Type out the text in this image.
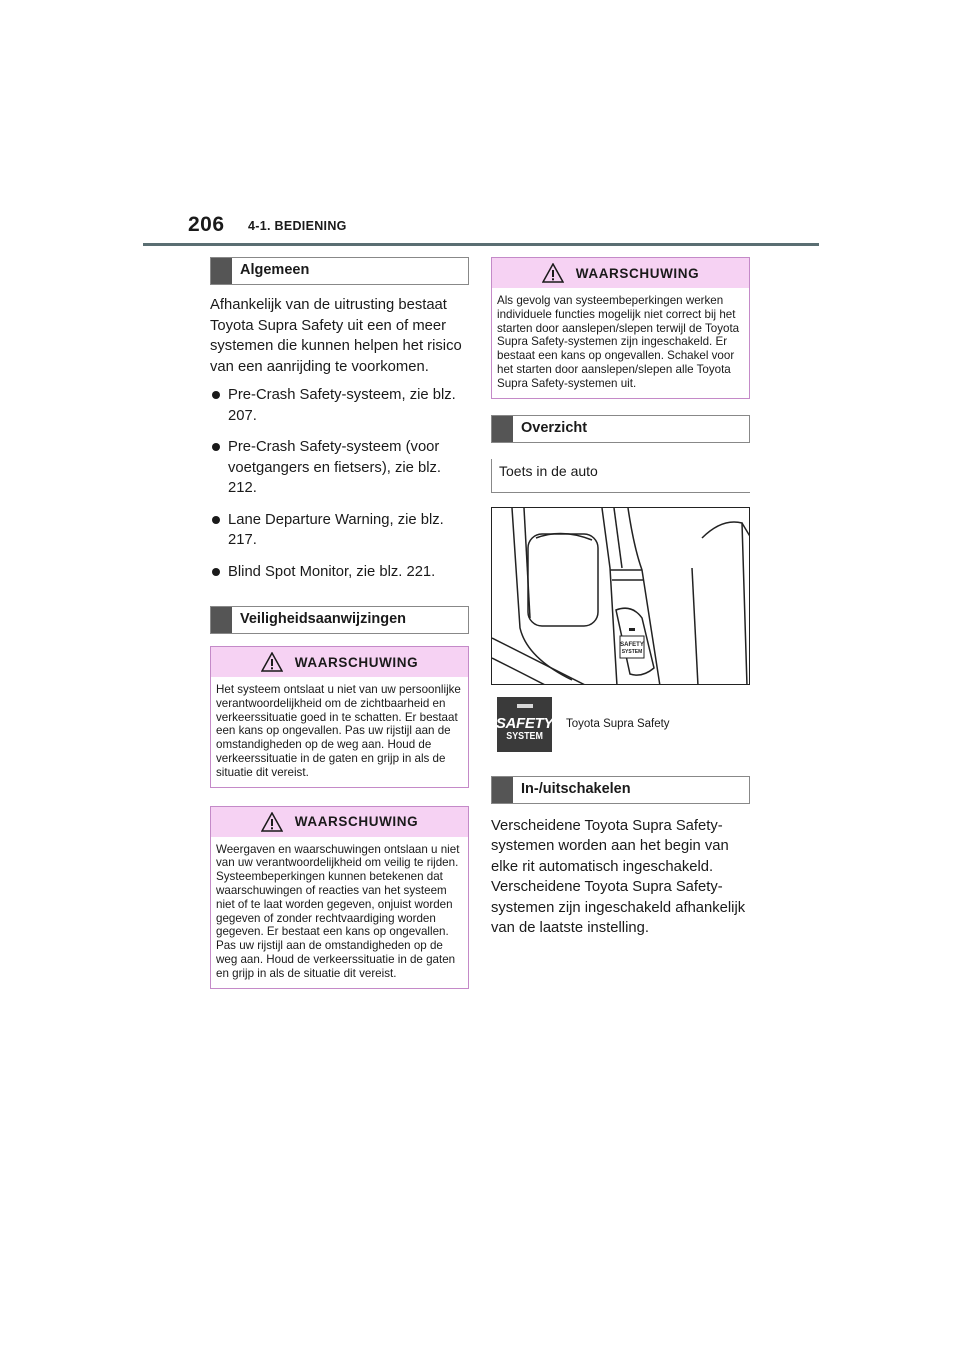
206 4-1. BEDIENING
Algemeen

Afhankelijk van de uitrusting bestaat Toyota Supra Safety uit een of meer systemen die kunnen helpen het risico van een aanrijding te voorkomen.

Pre-Crash Safety-systeem, zie blz. 207.
Pre-Crash Safety-systeem (voor voetgangers en fietsers), zie blz. 212.
Lane Departure Warning, zie blz. 217.
Blind Spot Monitor, zie blz. 221.
Veiligheidsaanwijzingen
WAARSCHUWING
Het systeem ontslaat u niet van uw persoonlijke verantwoordelijkheid om de zichtbaarheid en verkeerssituatie goed in te schatten. Er bestaat een kans op ongevallen. Pas uw rijstijl aan de omstandigheden op de weg aan. Houd de verkeerssituatie in de gaten en grijp in als de situatie dit vereist.
WAARSCHUWING
Weergaven en waarschuwingen ontslaan u niet van uw verantwoordelijkheid om veilig te rijden. Systeembeperkingen kunnen betekenen dat waarschuwingen of reacties van het systeem niet of te laat worden gegeven, onjuist worden gegeven of zonder rechtvaardiging worden gegeven. Er bestaat een kans op ongevallen. Pas uw rijstijl aan de omstandigheden op de weg aan. Houd de verkeerssituatie in de gaten en grijp in als de situatie dit vereist.
WAARSCHUWING
Als gevolg van systeembeperkingen werken individuele functies mogelijk niet correct bij het starten door aanslepen/slepen terwijl de Toyota Supra Safety-systemen zijn ingeschakeld. Er bestaat een kans op ongevallen. Schakel voor het starten door aanslepen/slepen alle Toyota Supra Safety-systemen uit.
Overzicht
Toets in de auto
SAFETY
SYSTEM
SAFETY
SYSTEM
Toyota Supra Safety
In-/uitschakelen

Verscheidene Toyota Supra Safety-systemen worden aan het begin van elke rit automatisch ingeschakeld. Verscheidene Toyota Supra Safety-systemen zijn ingeschakeld afhankelijk van de laatste instelling.
